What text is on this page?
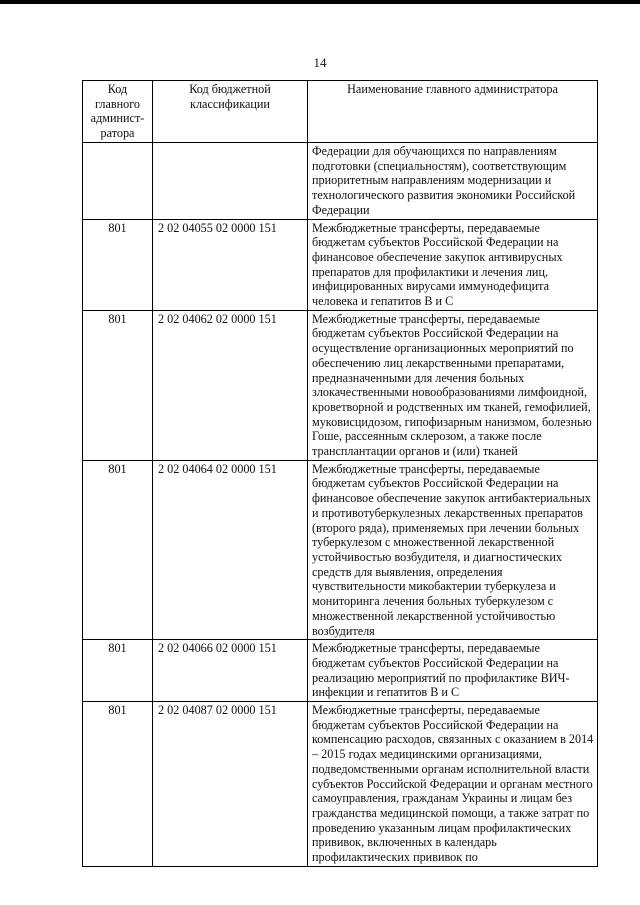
14
Код главного админист-ратора	Код бюджетной классификации	Наименование главного администратора
		Федерации для обучающихся по направлениям подготовки (специальностям), соответствующим приоритетным направлениям модернизации и технологического развития экономики Российской Федерации
801	2 02 04055 02 0000 151	Межбюджетные трансферты, передаваемые бюджетам субъектов Российской Федерации на финансовое обеспечение закупок антивирусных препаратов для профилактики и лечения лиц, инфицированных вирусами иммунодефицита человека и гепатитов В и С
801	2 02 04062 02 0000 151	Межбюджетные трансферты, передаваемые бюджетам субъектов Российской Федерации на осуществление организационных мероприятий по обеспечению лиц лекарственными препаратами, предназначенными для лечения больных злокачественными новообразованиями лимфоидной, кроветворной и родственных им тканей, гемофилией, муковисцидозом, гипофизарным нанизмом, болезнью Гоше, рассеянным склерозом, а также после трансплантации органов и (или) тканей
801	2 02 04064 02 0000 151	Межбюджетные трансферты, передаваемые бюджетам субъектов Российской Федерации на финансовое обеспечение закупок антибактериальных и противотуберкулезных лекарственных препаратов (второго ряда), применяемых при лечении больных туберкулезом с множественной лекарственной устойчивостью возбудителя, и диагностических средств для выявления, определения чувствительности микобактерии туберкулеза и мониторинга лечения больных туберкулезом с множественной лекарственной устойчивостью возбудителя
801	2 02 04066 02 0000 151	Межбюджетные трансферты, передаваемые бюджетам субъектов Российской Федерации на реализацию мероприятий по профилактике ВИЧ-инфекции и гепатитов В и С
801	2 02 04087 02 0000 151	Межбюджетные трансферты, передаваемые бюджетам субъектов Российской Федерации на компенсацию расходов, связанных с оказанием в 2014 – 2015 годах медицинскими организациями, подведомственными органам исполнительной власти субъектов Российской Федерации и органам местного самоуправления, гражданам Украины и лицам без гражданства медицинской помощи, а также затрат по проведению указанным лицам профилактических прививок, включенных в календарь профилактических прививок по
